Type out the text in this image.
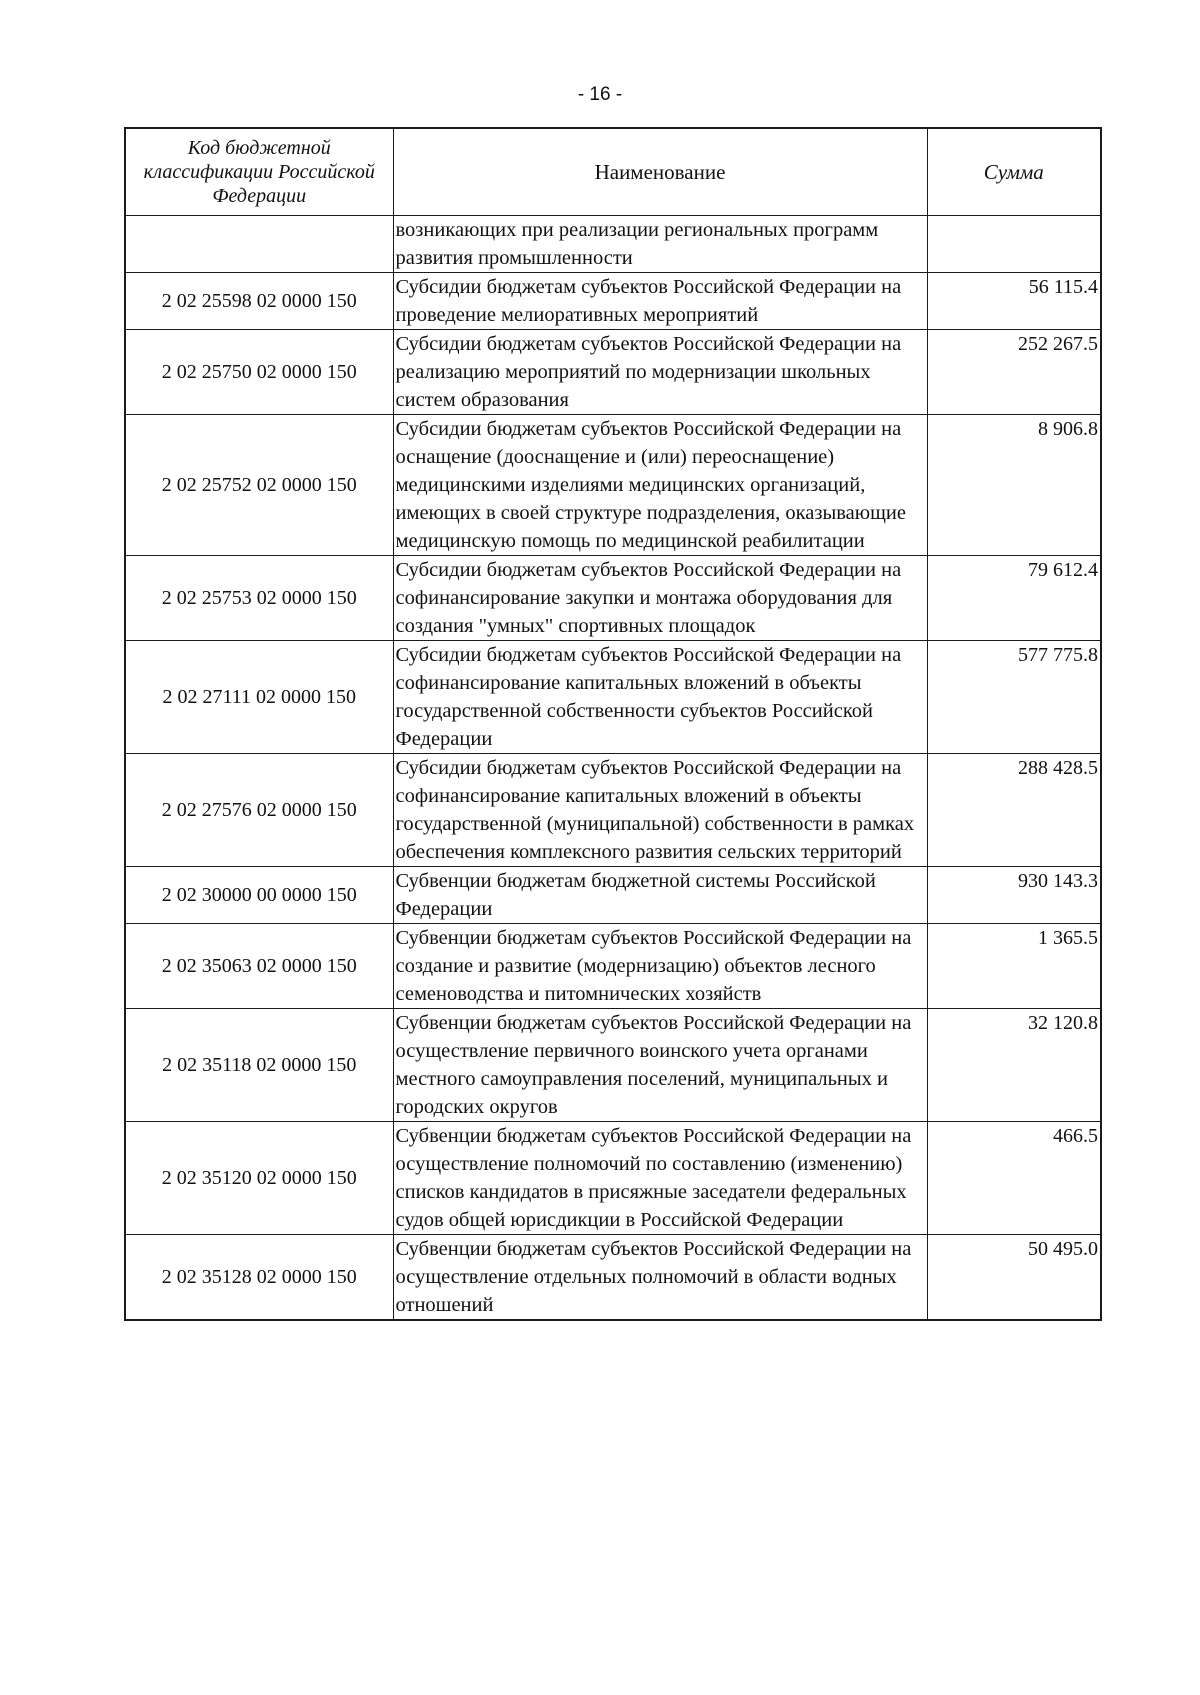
- 16 -
Код бюджетной классификации Российской Федерации	Наименование	Сумма
	возникающих при реализации региональных программ развития промышленности	
2 02 25598 02 0000 150	Субсидии бюджетам субъектов Российской Федерации на проведение мелиоративных мероприятий	56 115.4
2 02 25750 02 0000 150	Субсидии бюджетам субъектов Российской Федерации на реализацию мероприятий по модернизации школьных систем образования	252 267.5
2 02 25752 02 0000 150	Субсидии бюджетам субъектов Российской Федерации на оснащение (дооснащение и (или) переоснащение) медицинскими изделиями медицинских организаций, имеющих в своей структуре подразделения, оказывающие медицинскую помощь по медицинской реабилитации	8 906.8
2 02 25753 02 0000 150	Субсидии бюджетам субъектов Российской Федерации на софинансирование закупки и монтажа оборудования для создания "умных" спортивных площадок	79 612.4
2 02 27111 02 0000 150	Субсидии бюджетам субъектов Российской Федерации на софинансирование капитальных вложений в объекты государственной собственности субъектов Российской Федерации	577 775.8
2 02 27576 02 0000 150	Субсидии бюджетам субъектов Российской Федерации на софинансирование капитальных вложений в объекты государственной (муниципальной) собственности в рамках обеспечения комплексного развития сельских территорий	288 428.5
2 02 30000 00 0000 150	Субвенции бюджетам бюджетной системы Российской Федерации	930 143.3
2 02 35063 02 0000 150	Субвенции бюджетам субъектов Российской Федерации на создание и развитие (модернизацию) объектов лесного семеноводства и питомнических хозяйств	1 365.5
2 02 35118 02 0000 150	Субвенции бюджетам субъектов Российской Федерации на осуществление первичного воинского учета органами местного самоуправления поселений, муниципальных и городских округов	32 120.8
2 02 35120 02 0000 150	Субвенции бюджетам субъектов Российской Федерации на осуществление полномочий по составлению (изменению) списков кандидатов в присяжные заседатели федеральных судов общей юрисдикции в Российской Федерации	466.5
2 02 35128 02 0000 150	Субвенции бюджетам субъектов Российской Федерации на осуществление отдельных полномочий в области водных отношений	50 495.0
